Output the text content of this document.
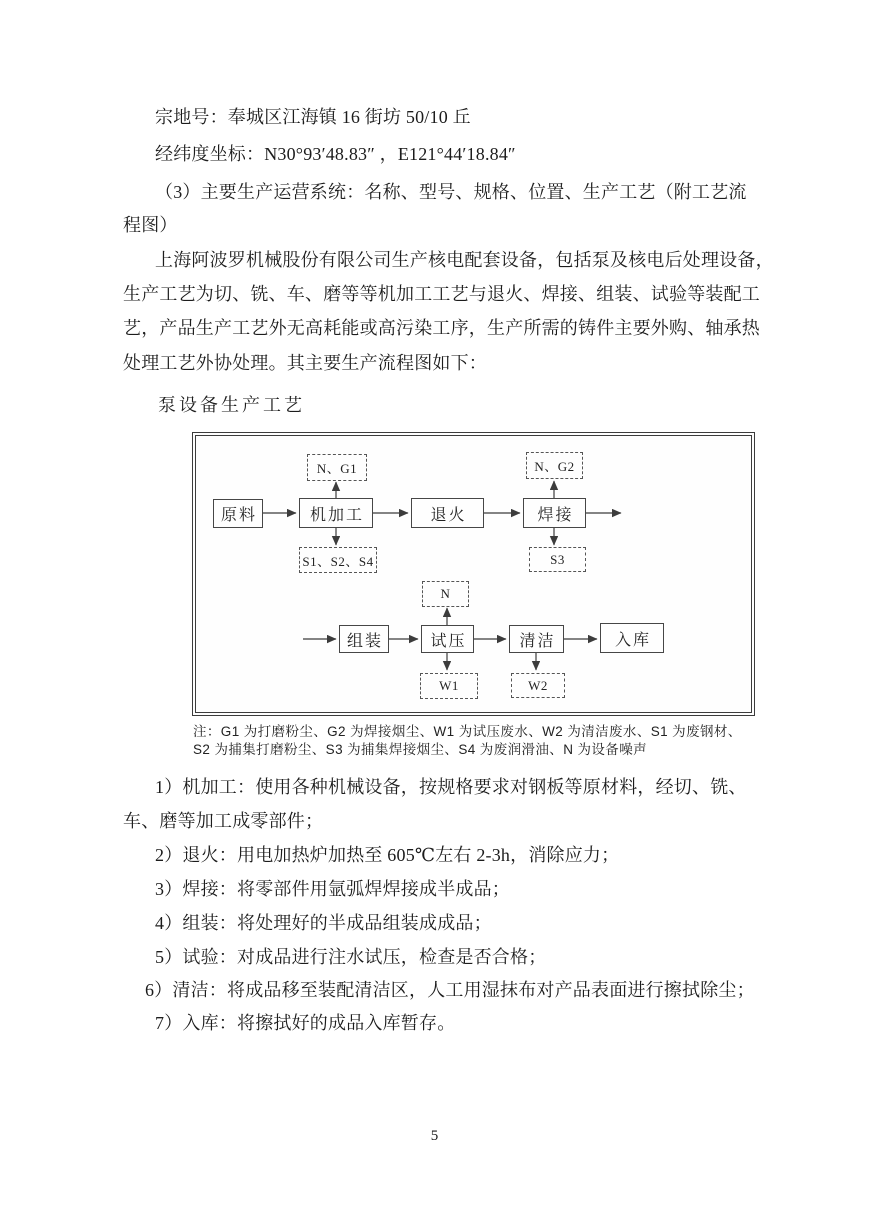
宗地号：奉城区江海镇 16 街坊 50/10 丘
经纬度坐标：N30°93′48.83″ ，E121°44′18.84″
（3）主要生产运营系统：名称、型号、规格、位置、生产工艺（附工艺流
程图）
上海阿波罗机械股份有限公司生产核电配套设备，包括泵及核电后处理设备，
生产工艺为切、铣、车、磨等等机加工工艺与退火、焊接、组装、试验等装配工
艺，产品生产工艺外无高耗能或高污染工序，生产所需的铸件主要外购、轴承热
处理工艺外协处理。其主要生产流程图如下：
泵设备生产工艺
原料	机加工	退火	焊接
N、G1	N、G2
S1、S2、S4	S3
组装	试压	清洁	入库
N
W1	W2
注：G1 为打磨粉尘、G2 为焊接烟尘、W1 为试压废水、W2 为清洁废水、S1 为废钢材、
S2 为捕集打磨粉尘、S3 为捕集焊接烟尘、S4 为废润滑油、N 为设备噪声
1）机加工：使用各种机械设备，按规格要求对钢板等原材料，经切、铣、
车、磨等加工成零部件；
2）退火：用电加热炉加热至 605℃左右 2-3h，消除应力；
3）焊接：将零部件用氩弧焊焊接成半成品；
4）组装：将处理好的半成品组装成成品；
5）试验：对成品进行注水试压，检查是否合格；
6）清洁：将成品移至装配清洁区，人工用湿抹布对产品表面进行擦拭除尘；
7）入库：将擦拭好的成品入库暂存。
5
